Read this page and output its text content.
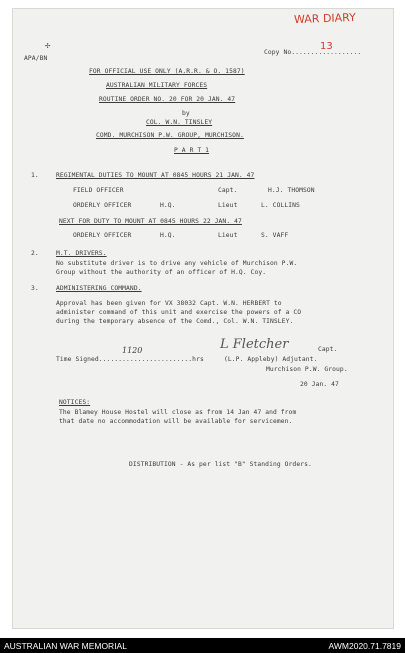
WAR DIARY
✢
APA/BN
Copy No..................
13
FOR OFFICIAL USE ONLY (A.R.R. & O. 1587)
AUSTRALIAN MILITARY FORCES
ROUTINE ORDER NO. 20 FOR 20 JAN. 47
by
COL. W.N. TINSLEY
COMD. MURCHISON P.W. GROUP, MURCHISON.
P A R T 1
1.	REGIMENTAL DUTIES TO MOUNT AT 0845 HOURS 21 JAN. 47
FIELD OFFICER	Capt.	H.J. THOMSON
ORDERLY OFFICER	H.Q.	Lieut	L. COLLINS
NEXT FOR DUTY TO MOUNT AT 0845 HOURS 22 JAN. 47
ORDERLY OFFICER	H.Q.	Lieut	S. VAFF
2.	M.T. DRIVERS.
No substitute driver is to drive any vehicle of Murchison P.W.
Group without the authority of an officer of H.Q. Coy.
3.	ADMINISTERING COMMAND.
Approval has been given for VX 38032 Capt. W.N. HERBERT to
administer command of this unit and exercise the powers of a CO
during the temporary absence of the Comd., Col. W.N. TINSLEY.
Time Signed........................hrs
1120	L Fletcher	Capt.
(L.P. Appleby) Adjutant.
Murchison P.W. Group.
20 Jan. 47
NOTICES:
The Blamey House Hostel will close as from 14 Jan 47 and from
that date no accommodation will be available for servicemen.
DISTRIBUTION - As per list "B" Standing Orders.
AUSTRALIAN WAR MEMORIAL	AWM2020.71.7819
